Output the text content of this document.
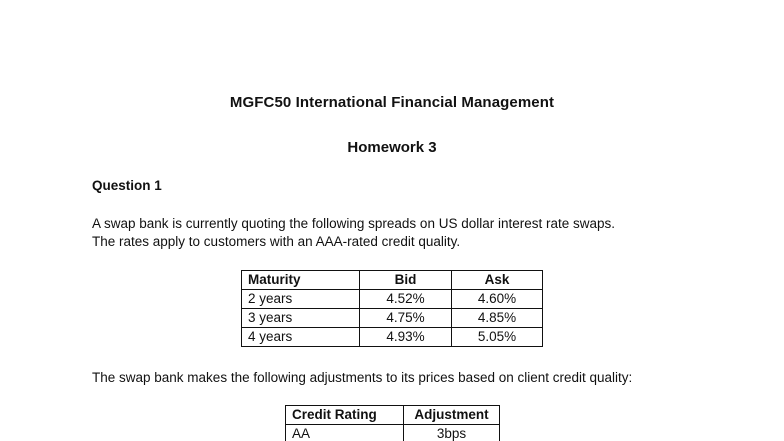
MGFC50 International Financial Management
Homework 3
Question 1
A swap bank is currently quoting the following spreads on US dollar interest rate swaps.
The rates apply to customers with an AAA-rated credit quality.
Maturity	Bid	Ask
2 years	4.52%	4.60%
3 years	4.75%	4.85%
4 years	4.93%	5.05%
The swap bank makes the following adjustments to its prices based on client credit quality:
Credit Rating	Adjustment
AA	3bps
